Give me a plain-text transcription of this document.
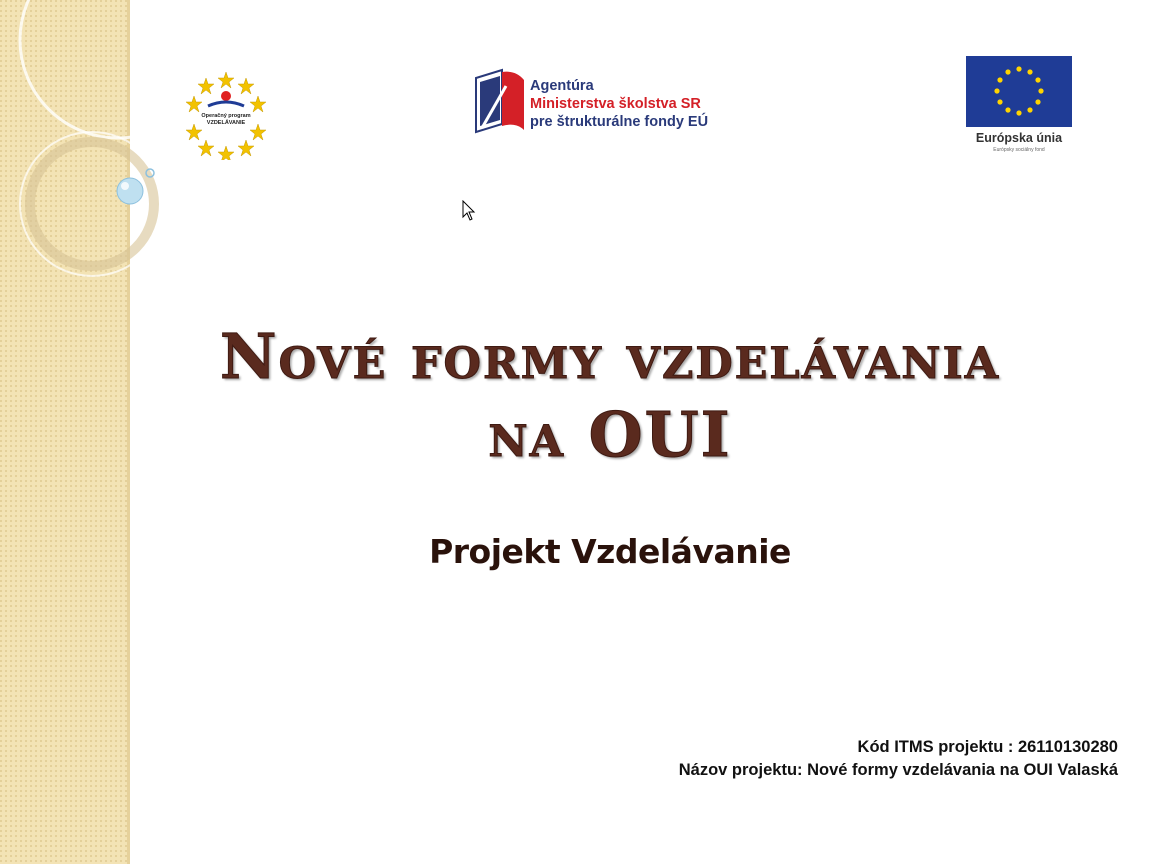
Operačný program
VZDELÁVANIE
Agentúra
Ministerstva školstva SR
pre štrukturálne fondy EÚ
Európska únia
Európsky sociálny fond
Nové formy vzdelávania
na OUI
Projekt Vzdelávanie
Kód ITMS projektu : 26110130280
Názov projektu: Nové formy vzdelávania na OUI Valaská
